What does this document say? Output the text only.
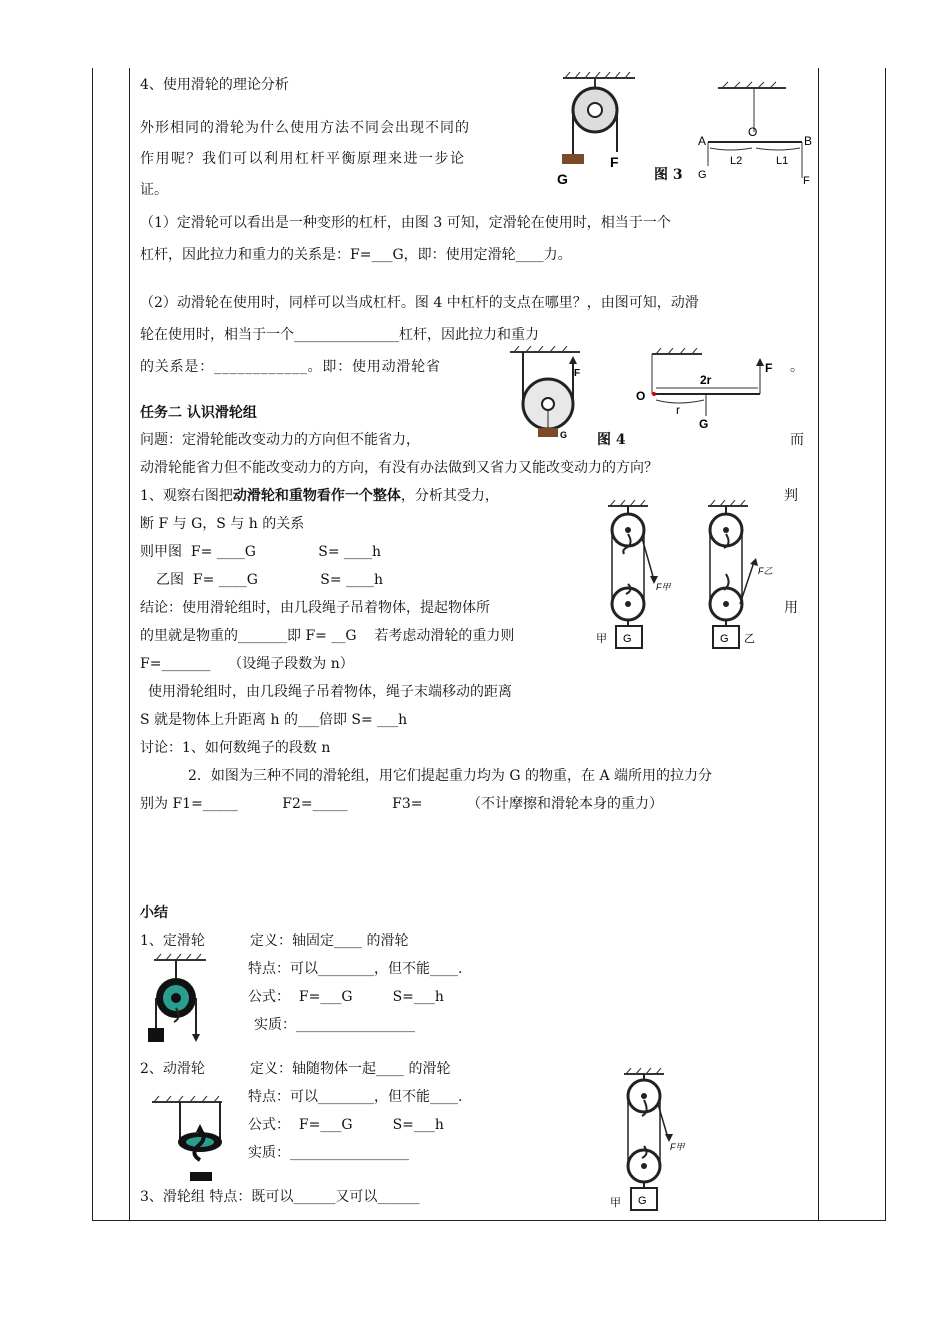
4、使用滑轮的理论分析
外形相同的滑轮为什么使用方法不同会出现不同的
作用呢？我们可以利用杠杆平衡原理来进一步论
证。
F
G
O
A	B
G	F
L2	L1
图 3
（1）定滑轮可以看出是一种变形的杠杆，由图 3 可知，定滑轮在使用时，相当于一个
杠杆，因此拉力和重力的关系是：F=___G，即：使用定滑轮____力。
（2）动滑轮在使用时，同样可以当成杠杆。图 4 中杠杆的支点在哪里？，由图可知，动滑
轮在使用时，相当于一个_______________杠杆，因此拉力和重力
的关系是：____________。即：使用动滑轮省	。
F
G
O
F
2r
r
G
任务二 认识滑轮组
问题：定滑轮能改变动力的方向但不能省力，	图 4	而
动滑轮能省力但不能改变动力的方向，有没有办法做到又省力又能改变动力的方向？
1、观察右图把动滑轮和重物看作一个整体，分析其受力，	判
断 F 与 G，S 与 h 的关系
则甲图  F= ____G              S= ____h
乙图  F= ____G              S= ____h
结论：使用滑轮组时，由几段绳子吊着物体，提起物体所	用
的里就是物重的_______即 F= __G    若考虑动滑轮的重力则
F=_______    （设绳子段数为 n）
使用滑轮组时，由几段绳子吊着物体，绳子末端移动的距离
S 就是物体上升距离 h 的___倍即 S= ___h
讨论：1、如何数绳子的段数 n
2．如图为三种不同的滑轮组，用它们提起重力均为 G 的物重，在 A 端所用的拉力分
别为 F1=_____          F2=_____          F3=          （不计摩擦和滑轮本身的重力）
F甲
G
甲
F乙
G 乙
小结
1、定滑轮	定义：轴固定____ 的滑轮
特点：可以________，但不能____.
公式：  F=___G         S=___h
实质：_________________
2、动滑轮	定义：轴随物体一起____ 的滑轮
特点：可以________，但不能____.
公式：  F=___G         S=___h
实质：_________________
3、滑轮组 特点：既可以______又可以______
F甲
G
甲
